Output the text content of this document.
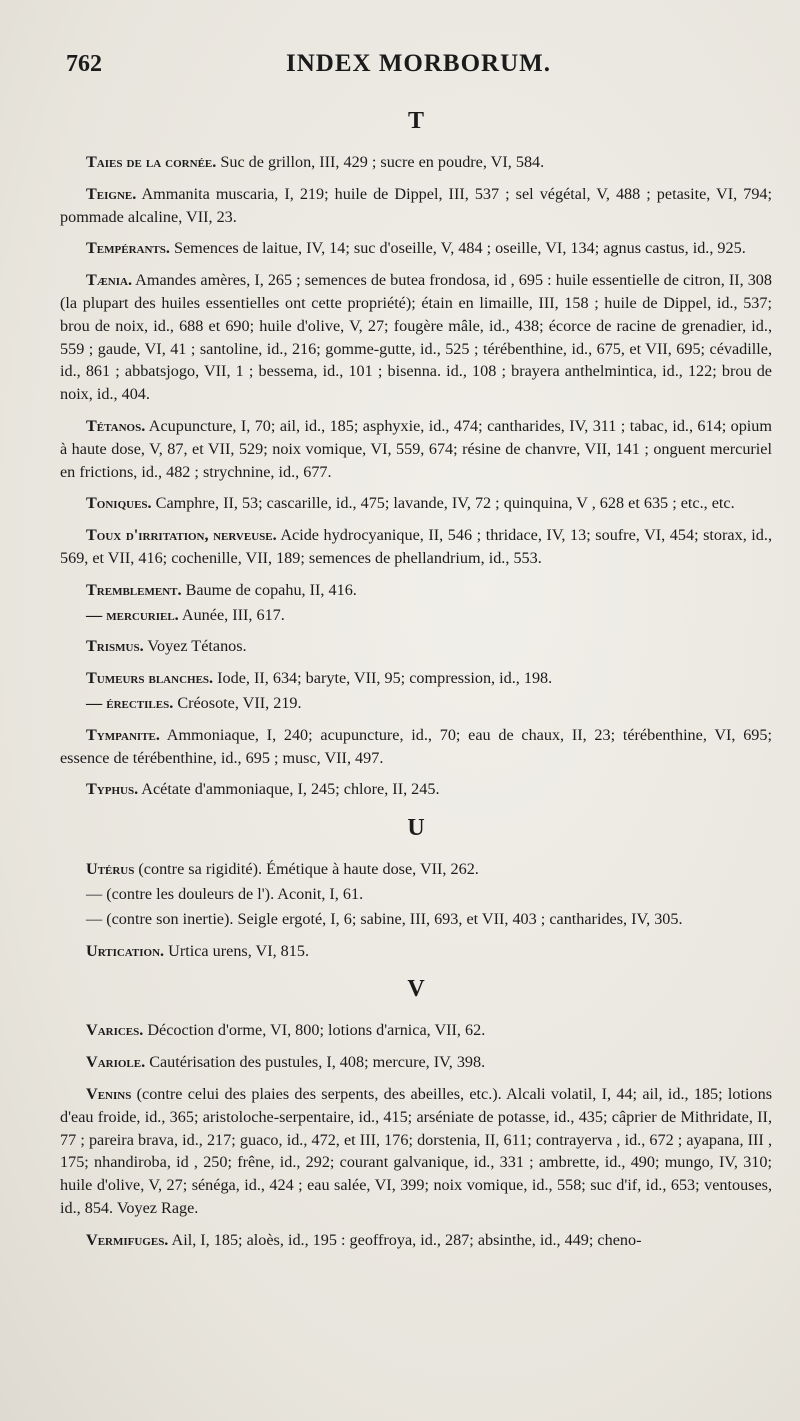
762	INDEX MORBORUM.
T

Taies de la cornée. Suc de grillon, III, 429 ; sucre en poudre, VI, 584.

Teigne. Ammanita muscaria, I, 219; huile de Dippel, III, 537 ; sel végétal, V, 488 ; petasite, VI, 794; pommade alcaline, VII, 23.

Tempérants. Semences de laitue, IV, 14; suc d'oseille, V, 484 ; oseille, VI, 134; agnus castus, id., 925.

Tænia. Amandes amères, I, 265 ; semences de butea frondosa, id , 695 : huile essentielle de citron, II, 308 (la plupart des huiles essentielles ont cette propriété); étain en limaille, III, 158 ; huile de Dippel, id., 537; brou de noix, id., 688 et 690; huile d'olive, V, 27; fougère mâle, id., 438; écorce de racine de grenadier, id., 559 ; gaude, VI, 41 ; santoline, id., 216; gomme-gutte, id., 525 ; térébenthine, id., 675, et VII, 695; cévadille, id., 861 ; abbatsjogo, VII, 1 ; bessema, id., 101 ; bisenna. id., 108 ; brayera anthelmintica, id., 122; brou de noix, id., 404.

Tétanos. Acupuncture, I, 70; ail, id., 185; asphyxie, id., 474; cantharides, IV, 311 ; tabac, id., 614; opium à haute dose, V, 87, et VII, 529; noix vomique, VI, 559, 674; résine de chanvre, VII, 141 ; onguent mercuriel en frictions, id., 482 ; strychnine, id., 677.

Toniques. Camphre, II, 53; cascarille, id., 475; lavande, IV, 72 ; quinquina, V , 628 et 635 ; etc., etc.

Toux d'irritation, nerveuse. Acide hydrocyanique, II, 546 ; thridace, IV, 13; soufre, VI, 454; storax, id., 569, et VII, 416; cochenille, VII, 189; semences de phellandrium, id., 553.

Tremblement. Baume de copahu, II, 416.

— mercuriel. Aunée, III, 617.

Trismus. Voyez Tétanos.

Tumeurs blanches. Iode, II, 634; baryte, VII, 95; compression, id., 198.

— érectiles. Créosote, VII, 219.

Tympanite. Ammoniaque, I, 240; acupuncture, id., 70; eau de chaux, II, 23; térébenthine, VI, 695; essence de térébenthine, id., 695 ; musc, VII, 497.

Typhus. Acétate d'ammoniaque, I, 245; chlore, II, 245.

U

Utérus (contre sa rigidité). Émétique à haute dose, VII, 262.

— (contre les douleurs de l'). Aconit, I, 61.

— (contre son inertie). Seigle ergoté, I, 6; sabine, III, 693, et VII, 403 ; cantharides, IV, 305.

Urtication. Urtica urens, VI, 815.

V

Varices. Décoction d'orme, VI, 800; lotions d'arnica, VII, 62.

Variole. Cautérisation des pustules, I, 408; mercure, IV, 398.

Venins (contre celui des plaies des serpents, des abeilles, etc.). Alcali volatil, I, 44; ail, id., 185; lotions d'eau froide, id., 365; aristoloche-serpentaire, id., 415; arséniate de potasse, id., 435; câprier de Mithridate, II, 77 ; pareira brava, id., 217; guaco, id., 472, et III, 176; dorstenia, II, 611; contrayerva , id., 672 ; ayapana, III , 175; nhandiroba, id , 250; frêne, id., 292; courant galvanique, id., 331 ; ambrette, id., 490; mungo, IV, 310; huile d'olive, V, 27; sénéga, id., 424 ; eau salée, VI, 399; noix vomique, id., 558; suc d'if, id., 653; ventouses, id., 854. Voyez Rage.

Vermifuges. Ail, I, 185; aloès, id., 195 : geoffroya, id., 287; absinthe, id., 449; cheno-
